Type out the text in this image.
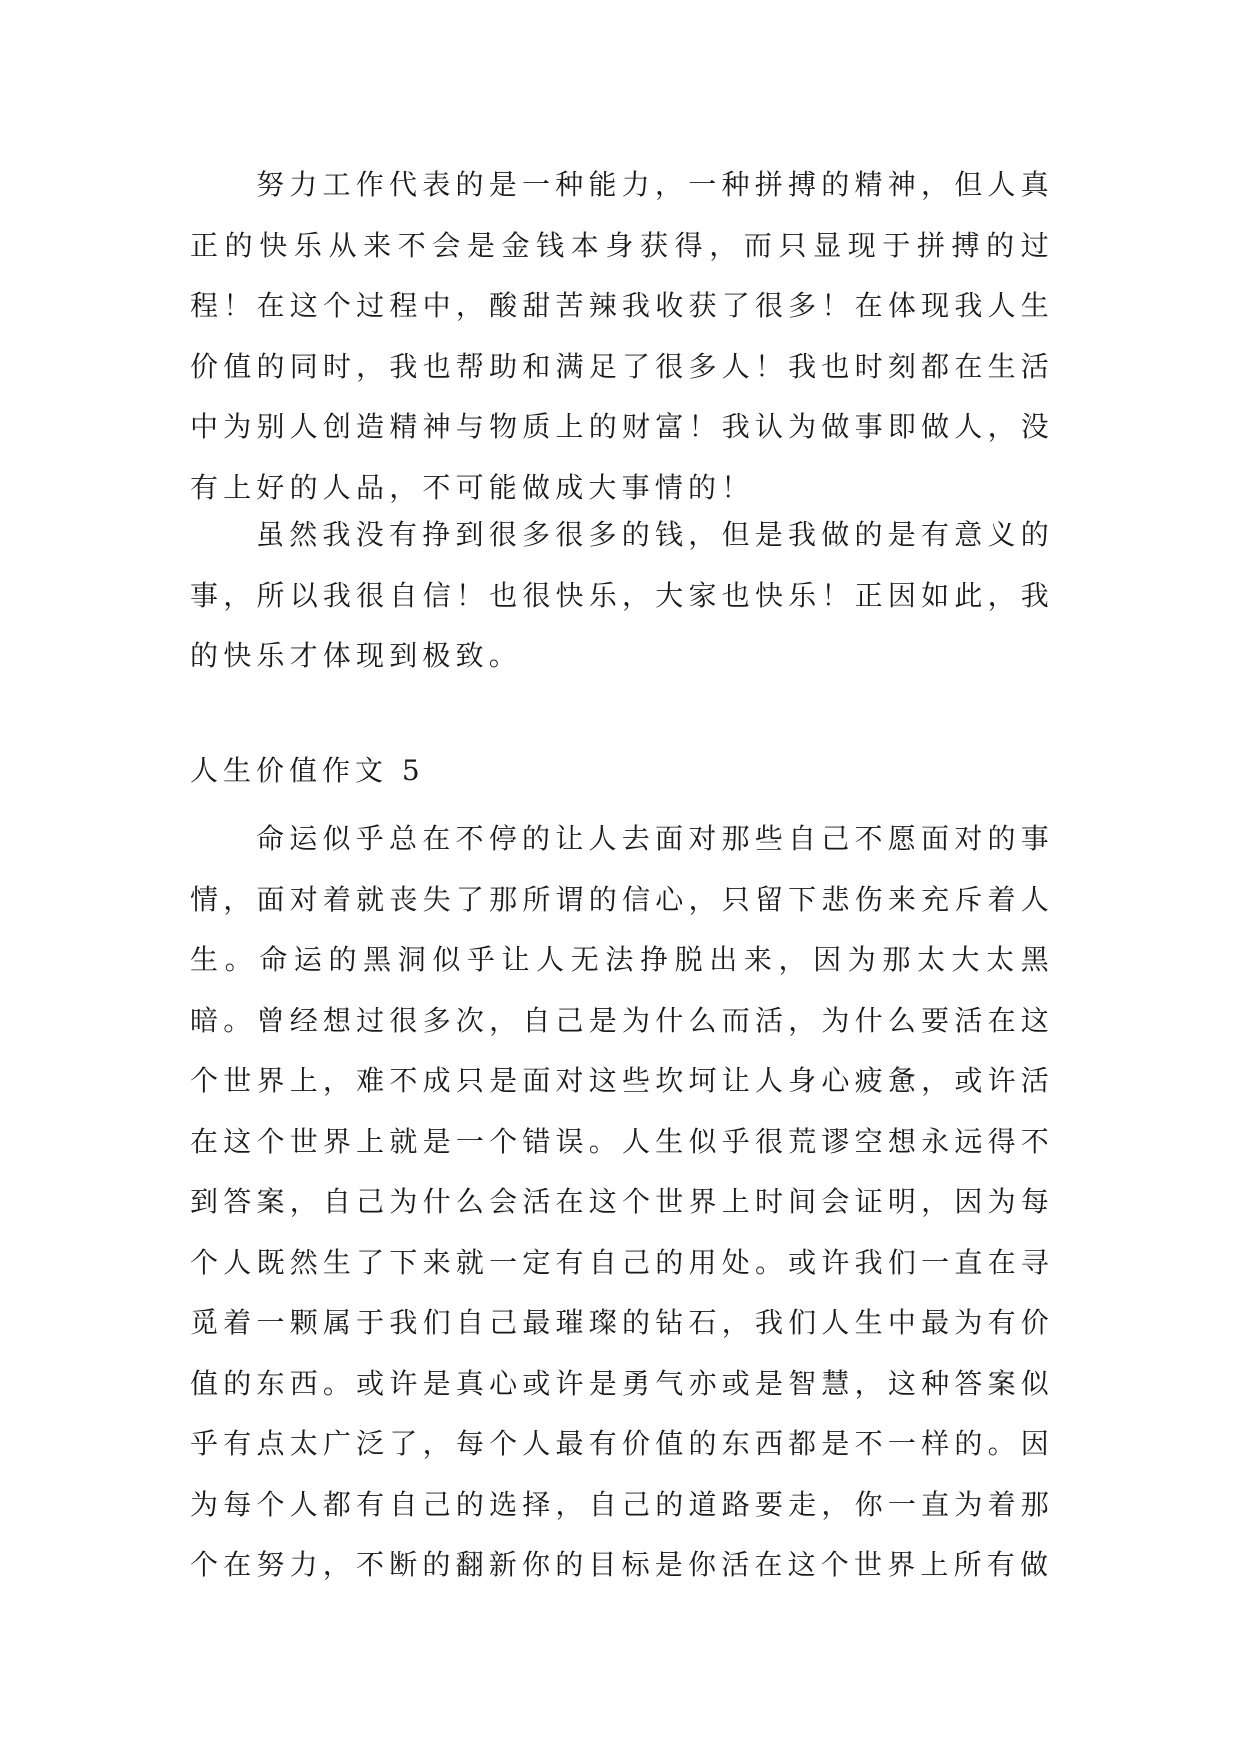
努力工作代表的是一种能力，一种拼搏的精神，但人真正的快乐从来不会是金钱本身获得，而只显现于拼搏的过程！在这个过程中，酸甜苦辣我收获了很多！在体现我人生价值的同时，我也帮助和满足了很多人！我也时刻都在生活中为别人创造精神与物质上的财富！我认为做事即做人，没有上好的人品，不可能做成大事情的！

虽然我没有挣到很多很多的钱，但是我做的是有意义的事，所以我很自信！也很快乐，大家也快乐！正因如此，我的快乐才体现到极致。

人生价值作文 5

命运似乎总在不停的让人去面对那些自己不愿面对的事情，面对着就丧失了那所谓的信心，只留下悲伤来充斥着人生。命运的黑洞似乎让人无法挣脱出来，因为那太大太黑暗。曾经想过很多次，自己是为什么而活，为什么要活在这个世界上，难不成只是面对这些坎坷让人身心疲惫，或许活在这个世界上就是一个错误。人生似乎很荒谬空想永远得不到答案，自己为什么会活在这个世界上时间会证明，因为每个人既然生了下来就一定有自己的用处。或许我们一直在寻觅着一颗属于我们自己最璀璨的钻石，我们人生中最为有价值的东西。或许是真心或许是勇气亦或是智慧，这种答案似乎有点太广泛了，每个人最有价值的东西都是不一样的。因为每个人都有自己的选择，自己的道路要走，你一直为着那个在努力，不断的翻新你的目标是你活在这个世界上所有做
